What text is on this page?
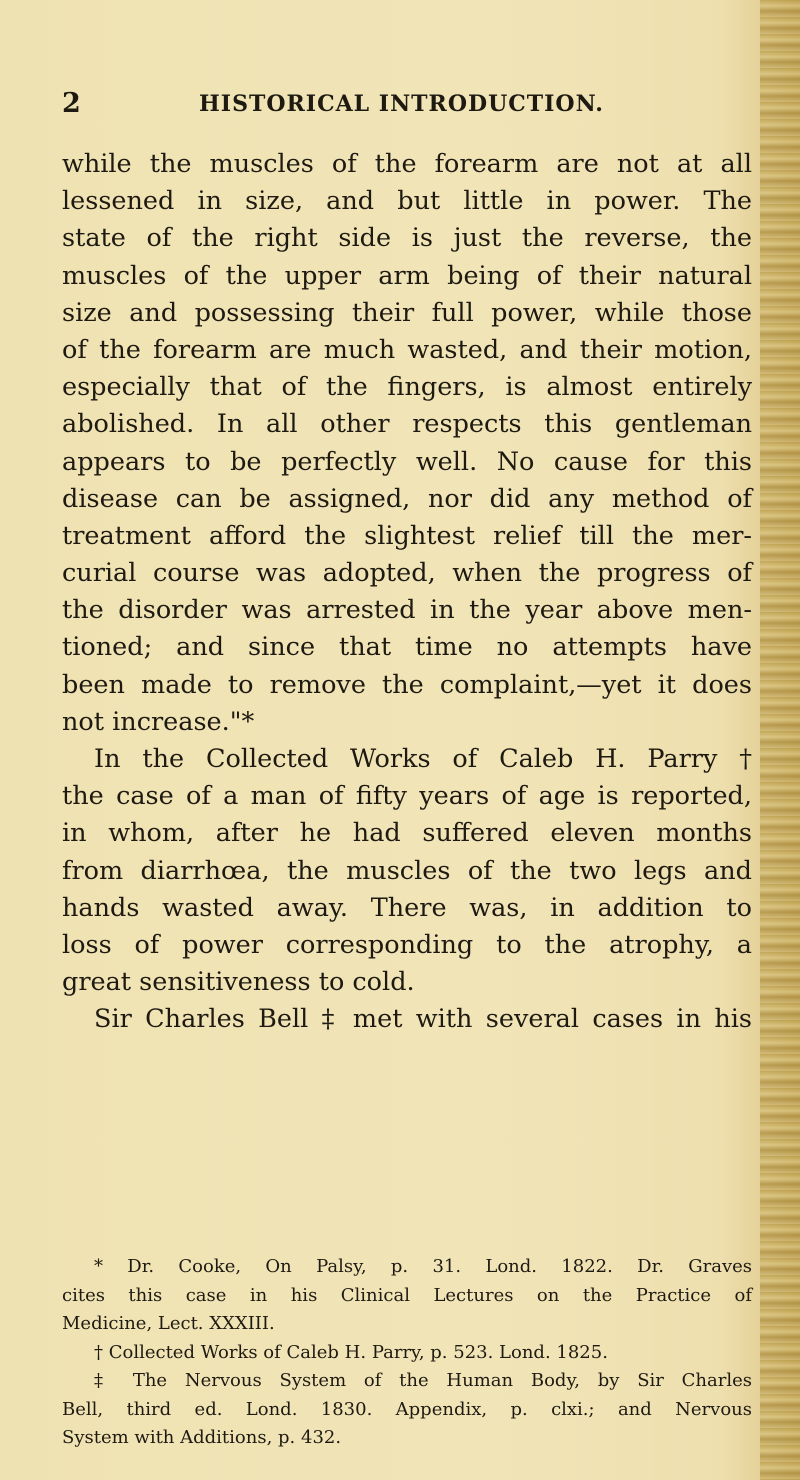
2	HISTORICAL INTRODUCTION.
while the muscles of the forearm are not at all
lessened in size, and but little in power. The
state of the right side is just the reverse, the
muscles of the upper arm being of their natural
size and possessing their full power, while those
of the forearm are much wasted, and their motion,
especially that of the fingers, is almost entirely
abolished. In all other respects this gentleman
appears to be perfectly well. No cause for this
disease can be assigned, nor did any method of
treatment afford the slightest relief till the mer-
curial course was adopted, when the progress of
the disorder was arrested in the year above men-
tioned; and since that time no attempts have
been made to remove the complaint,—yet it does
not increase."*
In the Collected Works of Caleb H. Parry †
the case of a man of fifty years of age is reported,
in whom, after he had suffered eleven months
from diarrhœa, the muscles of the two legs and
hands wasted away. There was, in addition to
loss of power corresponding to the atrophy, a
great sensitiveness to cold.
Sir Charles Bell ‡ met with several cases in his
* Dr. Cooke, On Palsy, p. 31. Lond. 1822. Dr. Graves
cites this case in his Clinical Lectures on the Practice of
Medicine, Lect. XXXIII.
† Collected Works of Caleb H. Parry, p. 523. Lond. 1825.
‡ The Nervous System of the Human Body, by Sir Charles
Bell, third ed. Lond. 1830. Appendix, p. clxi.; and Nervous
System with Additions, p. 432.
